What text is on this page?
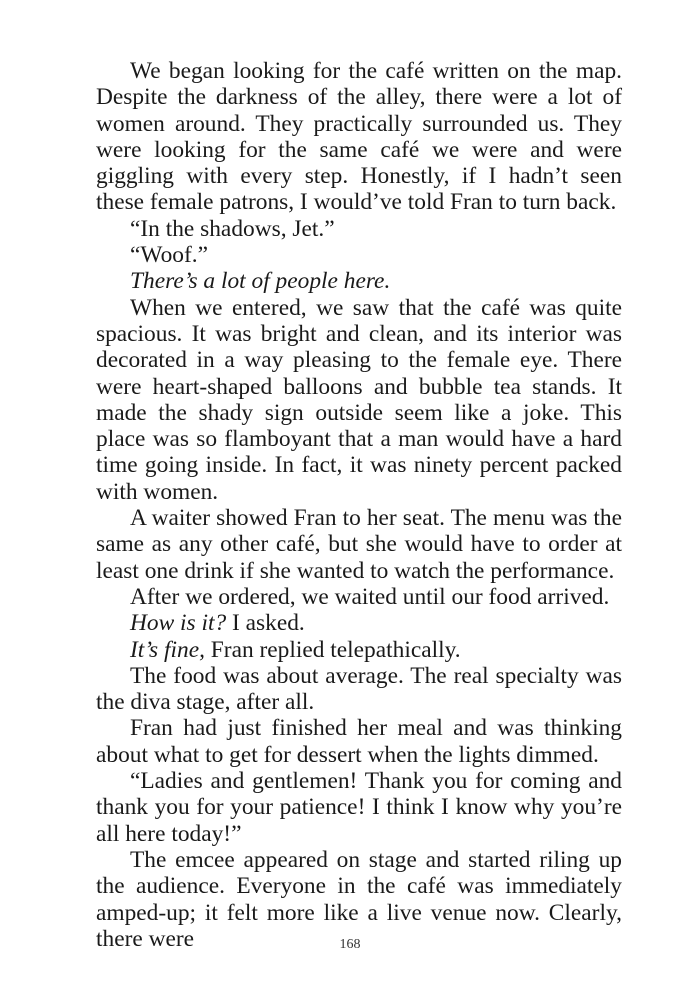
We began looking for the café written on the map. Despite the darkness of the alley, there were a lot of women around. They practically surrounded us. They were looking for the same café we were and were giggling with every step. Honestly, if I hadn’t seen these female patrons, I would’ve told Fran to turn back.

“In the shadows, Jet.”

“Woof.”

There’s a lot of people here.

When we entered, we saw that the café was quite spacious. It was bright and clean, and its interior was decorated in a way pleasing to the female eye. There were heart-shaped balloons and bubble tea stands. It made the shady sign outside seem like a joke. This place was so flamboyant that a man would have a hard time going inside. In fact, it was ninety percent packed with women.

A waiter showed Fran to her seat. The menu was the same as any other café, but she would have to order at least one drink if she wanted to watch the performance.

After we ordered, we waited until our food arrived.

How is it? I asked.

It’s fine, Fran replied telepathically.

The food was about average. The real specialty was the diva stage, after all.

Fran had just finished her meal and was thinking about what to get for dessert when the lights dimmed.

“Ladies and gentlemen! Thank you for coming and thank you for your patience! I think I know why you’re all here today!”

The emcee appeared on stage and started riling up the audience. Everyone in the café was immediately amped-up; it felt more like a live venue now. Clearly, there were	168
